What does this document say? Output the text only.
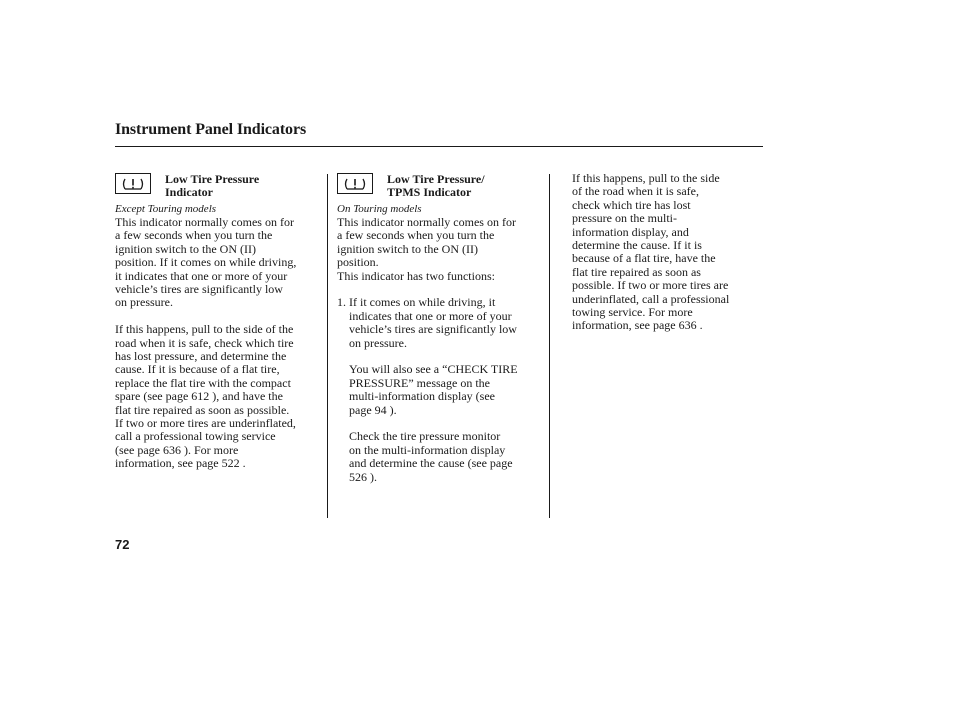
Instrument Panel Indicators
Low Tire Pressure
Indicator
Except Touring models

This indicator normally comes on for
a few seconds when you turn the
ignition switch to the ON (II)
position. If it comes on while driving,
it indicates that one or more of your
vehicle’s tires are significantly low
on pressure.

If this happens, pull to the side of the
road when it is safe, check which tire
has lost pressure, and determine the
cause. If it is because of a flat tire,
replace the flat tire with the compact
spare (see page 612 ), and have the
flat tire repaired as soon as possible.
If two or more tires are underinflated,
call a professional towing service
(see page 636 ). For more
information, see page 522 .

Low Tire Pressure/
TPMS Indicator
On Touring models

This indicator normally comes on for
a few seconds when you turn the
ignition switch to the ON (II)
position.

This indicator has two functions:

1. If it comes on while driving, it
indicates that one or more of your
vehicle’s tires are significantly low
on pressure.

You will also see a “CHECK TIRE
PRESSURE” message on the
multi-information display (see
page 94 ).

Check the tire pressure monitor
on the multi-information display
and determine the cause (see page
526 ).

If this happens, pull to the side
of the road when it is safe,
check which tire has lost
pressure on the multi-
information display, and
determine the cause. If it is
because of a flat tire, have the
flat tire repaired as soon as
possible. If two or more tires are
underinflated, call a professional
towing service. For more
information, see page 636 .

72
